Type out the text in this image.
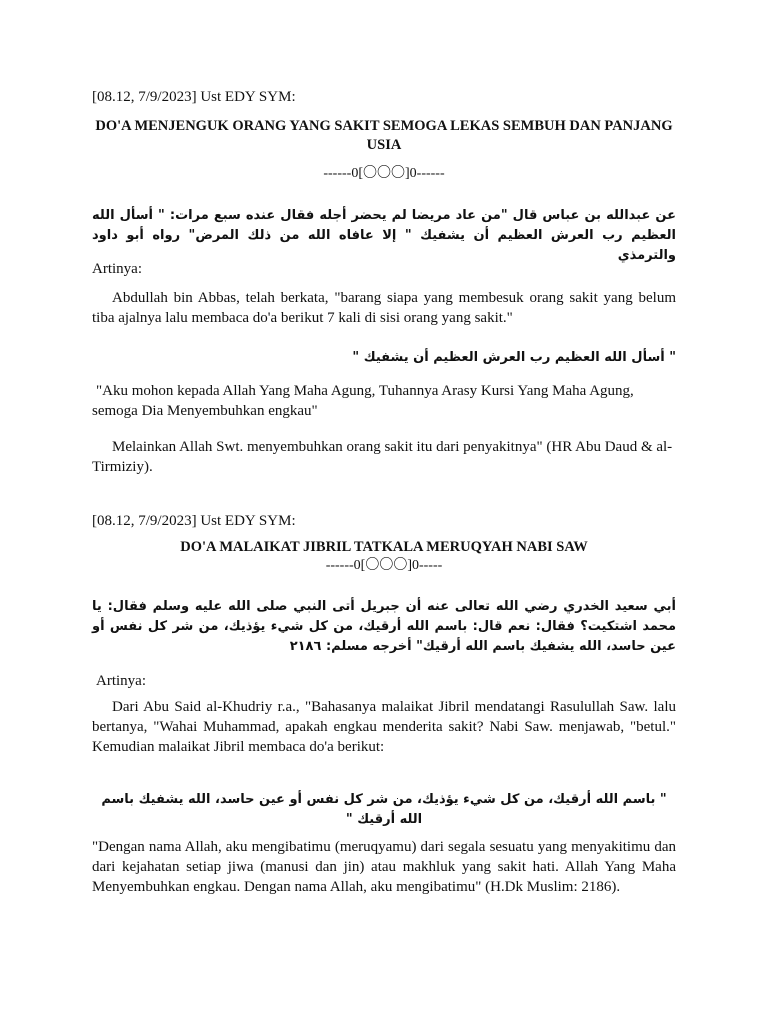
[08.12, 7/9/2023] Ust EDY SYM:
DO'A MENJENGUK ORANG YANG SAKIT SEMOGA LEKAS SEMBUH DAN PANJANG USIA
------0[〇〇〇]0------
عن عبدالله بن عباس قال "من عاد مريضا لم يحضر أجله فقال عنده سبع مرات: " أسأل الله العظيم رب العرش العظيم أن يشفيك " إلا عافاه الله من ذلك المرض" رواه أبو داود والترمذي
Artinya:
Abdullah bin Abbas, telah berkata, "barang siapa yang membesuk orang sakit yang belum tiba ajalnya lalu membaca do'a berikut 7 kali di sisi orang yang sakit."
" أسأل الله العظيم رب العرش العظيم أن يشفيك "
"Aku mohon kepada Allah Yang Maha Agung, Tuhannya Arasy Kursi Yang Maha Agung, semoga Dia Menyembuhkan engkau"
Melainkan Allah Swt. menyembuhkan orang sakit itu dari penyakitnya" (HR Abu Daud & al-Tirmiziy).
[08.12, 7/9/2023] Ust EDY SYM:
DO'A MALAIKAT JIBRIL TATKALA MERUQYAH NABI SAW
------0[〇〇〇]0-----
أبي سعيد الخدري رضي الله تعالى عنه أن جبريل أتى النبي صلى الله عليه وسلم فقال: يا محمد اشتكيت؟ فقال: نعم قال: باسم الله أرقيك، من كل شيء يؤذيك، من شر كل نفس أو عين حاسد، الله يشفيك باسم الله أرقيك" أخرجه مسلم: ٢١٨٦
Artinya:
Dari Abu Said al-Khudriy r.a., "Bahasanya malaikat Jibril mendatangi Rasulullah Saw. lalu bertanya, "Wahai Muhammad, apakah engkau menderita sakit? Nabi Saw. menjawab, "betul." Kemudian malaikat Jibril membaca do'a berikut:
" باسم الله أرقيك، من كل شيء يؤذيك، من شر كل نفس أو عين حاسد، الله يشفيك باسم الله أرقيك "
"Dengan nama Allah, aku mengibatimu (meruqyamu) dari segala sesuatu yang menyakitimu dan dari kejahatan setiap jiwa (manusi dan jin) atau makhluk yang sakit hati. Allah Yang Maha Menyembuhkan engkau. Dengan nama Allah, aku mengibatimu" (H.Dk Muslim: 2186).
